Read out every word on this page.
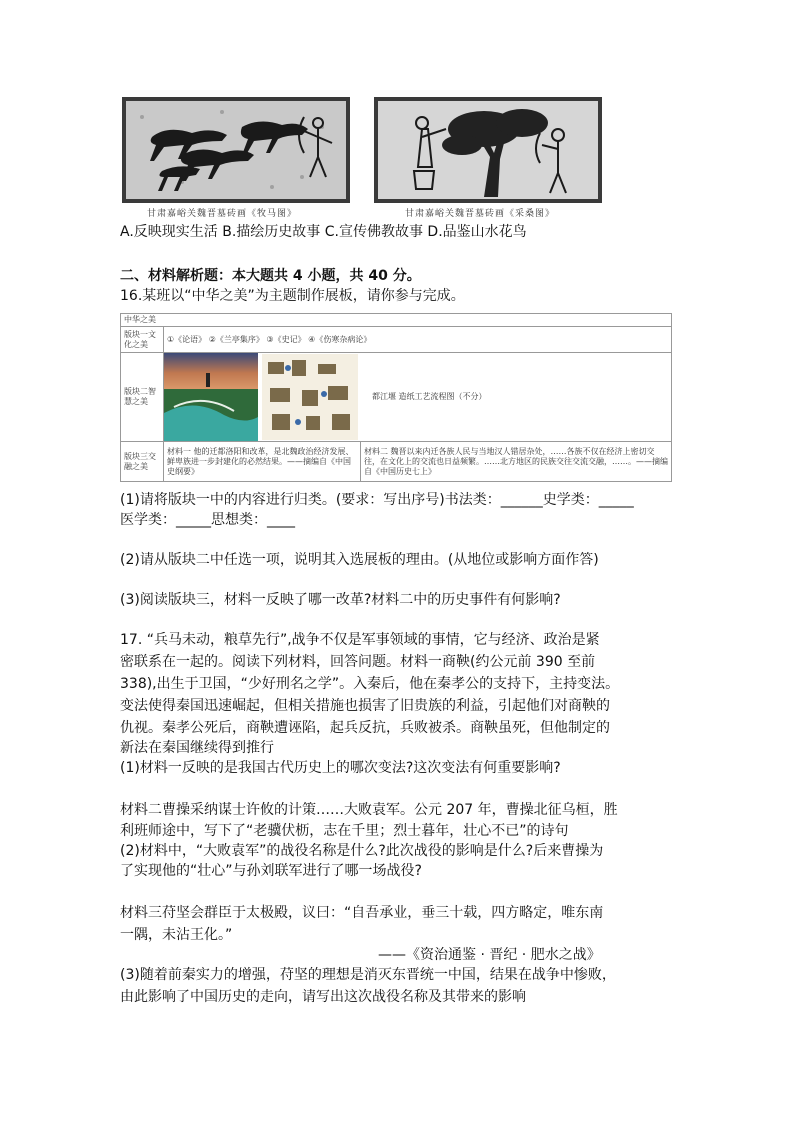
甘肃嘉峪关魏晋墓砖画《牧马图》	甘肃嘉峪关魏晋墓砖画《采桑图》
A.反映现实生活 B.描绘历史故事 C.宣传佛教故事 D.品鉴山水花鸟
二、材料解析题：本大题共 4 小题，共 40 分。
16.某班以“中华之美”为主题制作展板，请你参与完成。
中华之美		
版块一文化之美	①《论语》 ②《兰亭集序》 ③《史记》 ④《伤寒杂病论》	
版块二智慧之美	都江堰 造纸工艺流程图（不分）	

版块三交融之美	材料一 他的迁都洛阳和改革，是北魏政治经济发展、鲜卑族进一步封建化的必然结果。——摘编自《中国史纲要》	材料二 魏晋以来内迁各族人民与当地汉人错居杂处，……各族不仅在经济上密切交往，在文化上的交流也日益频繁。……北方地区的民族交往交流交融，……。——摘编自《中国历史七上》
(1)请将版块一中的内容进行归类。(要求：写出序号)书法类：______史学类：_____
医学类：_____思想类：____
(2)请从版块二中任选一项，说明其入选展板的理由。(从地位或影响方面作答)
(3)阅读版块三，材料一反映了哪一改革?材料二中的历史事件有何影响?
17. “兵马未动，粮草先行”,战争不仅是军事领域的事情，它与经济、政治是紧
密联系在一起的。阅读下列材料，回答问题。材料一商鞅(约公元前 390 至前
338),出生于卫国，“少好刑名之学”。入秦后，他在秦孝公的支持下，主持变法。
变法使得秦国迅速崛起，但相关措施也损害了旧贵族的利益，引起他们对商鞅的
仇视。秦孝公死后，商鞅遭诬陷，起兵反抗，兵败被杀。商鞅虽死，但他制定的
新法在秦国继续得到推行
(1)材料一反映的是我国古代历史上的哪次变法?这次变法有何重要影响?
材料二曹操采纳谋士许攸的计策……大败袁军。公元 207 年，曹操北征乌桓，胜
利班师途中，写下了“老骥伏枥，志在千里；烈士暮年，壮心不已”的诗句
(2)材料中，“大败袁军”的战役名称是什么?此次战役的影响是什么?后来曹操为
了实现他的“壮心”与孙刘联军进行了哪一场战役?
材料三苻坚会群臣于太极殿，议曰：“自吾承业，垂三十载，四方略定，唯东南
一隅，未沾王化。”
——《资治通鉴 · 晋纪 · 肥水之战》
(3)随着前秦实力的增强，苻坚的理想是消灭东晋统一中国，结果在战争中惨败，
由此影响了中国历史的走向，请写出这次战役名称及其带来的影响
